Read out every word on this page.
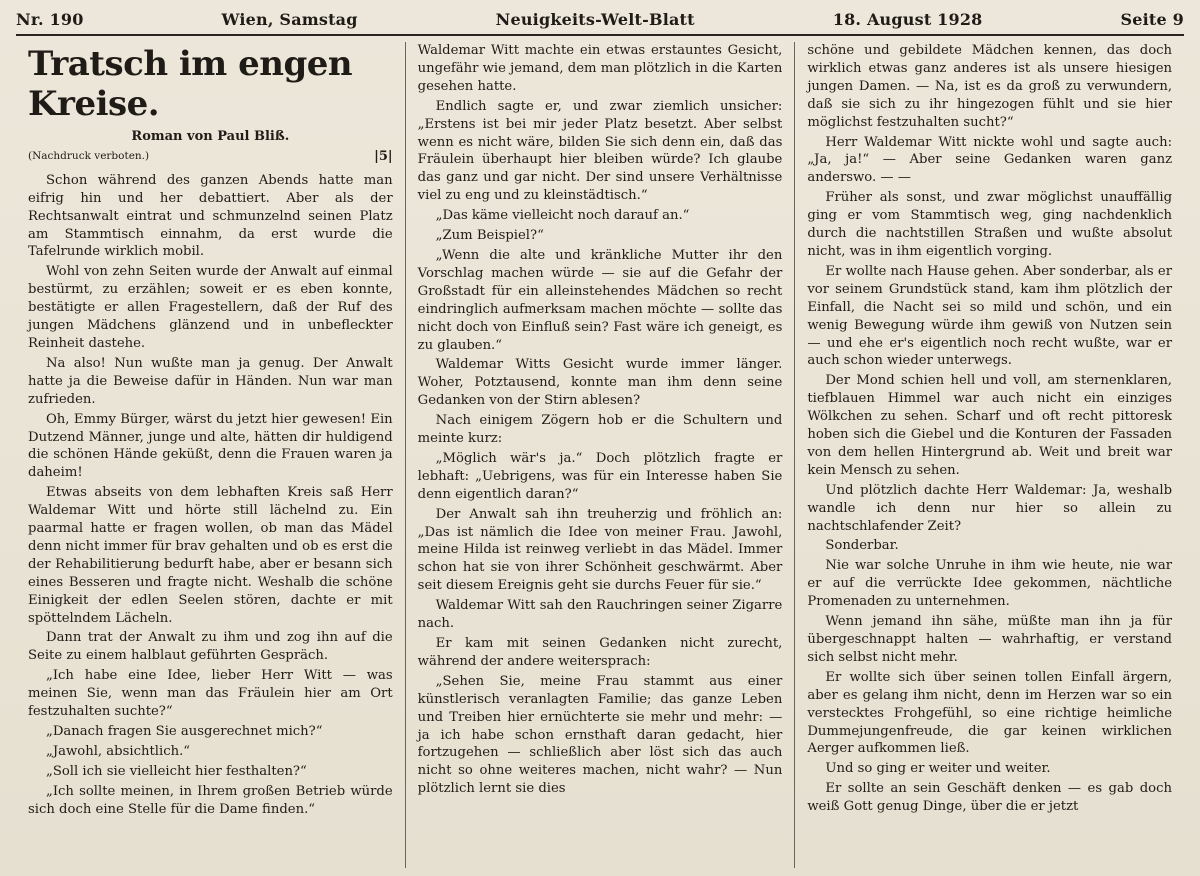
Nr. 190	Wien, Samstag	Neuigkeits-Welt-Blatt	18. August 1928	Seite 9
Tratsch im engen Kreise.
Roman von Paul Bliß.
(Nachdruck verboten.)	|5|

Schon während des ganzen Abends hatte man eifrig hin und her debattiert. Aber als der Rechtsanwalt eintrat und schmunzelnd seinen Platz am Stammtisch einnahm, da erst wurde die Tafelrunde wirklich mobil.

Wohl von zehn Seiten wurde der Anwalt auf einmal bestürmt, zu erzählen; soweit er es eben konnte, bestätigte er allen Fragestellern, daß der Ruf des jungen Mädchens glänzend und in unbefleckter Reinheit dastehe.

Na also! Nun wußte man ja genug. Der Anwalt hatte ja die Beweise dafür in Händen. Nun war man zufrieden.

Oh, Emmy Bürger, wärst du jetzt hier gewesen! Ein Dutzend Männer, junge und alte, hätten dir huldigend die schönen Hände geküßt, denn die Frauen waren ja daheim!

Etwas abseits von dem lebhaften Kreis saß Herr Waldemar Witt und hörte still lächelnd zu. Ein paarmal hatte er fragen wollen, ob man das Mädel denn nicht immer für brav gehalten und ob es erst die der Rehabilitierung bedurft habe, aber er besann sich eines Besseren und fragte nicht. Weshalb die schöne Einigkeit der edlen Seelen stören, dachte er mit spöttelndem Lächeln.

Dann trat der Anwalt zu ihm und zog ihn auf die Seite zu einem halblaut geführten Gespräch.

„Ich habe eine Idee, lieber Herr Witt — was meinen Sie, wenn man das Fräulein hier am Ort festzuhalten suchte?“

„Danach fragen Sie ausgerechnet mich?“

„Jawohl, absichtlich.“

„Soll ich sie vielleicht hier festhalten?“

„Ich sollte meinen, in Ihrem großen Betrieb würde sich doch eine Stelle für die Dame finden.“

Waldemar Witt machte ein etwas erstauntes Gesicht, ungefähr wie jemand, dem man plötzlich in die Karten gesehen hatte.

Endlich sagte er, und zwar ziemlich unsicher: „Erstens ist bei mir jeder Platz besetzt. Aber selbst wenn es nicht wäre, bilden Sie sich denn ein, daß das Fräulein überhaupt hier bleiben würde? Ich glaube das ganz und gar nicht. Der sind unsere Verhältnisse viel zu eng und zu kleinstädtisch.“

„Das käme vielleicht noch darauf an.“

„Zum Beispiel?“

„Wenn die alte und kränkliche Mutter ihr den Vorschlag machen würde — sie auf die Gefahr der Großstadt für ein alleinstehendes Mädchen so recht eindringlich aufmerksam machen möchte — sollte das nicht doch von Einfluß sein? Fast wäre ich geneigt, es zu glauben.“

Waldemar Witts Gesicht wurde immer länger. Woher, Potztausend, konnte man ihm denn seine Gedanken von der Stirn ablesen?

Nach einigem Zögern hob er die Schultern und meinte kurz:

„Möglich wär's ja.“ Doch plötzlich fragte er lebhaft: „Uebrigens, was für ein Interesse haben Sie denn eigentlich daran?“

Der Anwalt sah ihn treuherzig und fröhlich an: „Das ist nämlich die Idee von meiner Frau. Jawohl, meine Hilda ist reinweg verliebt in das Mädel. Immer schon hat sie von ihrer Schönheit geschwärmt. Aber seit diesem Ereignis geht sie durchs Feuer für sie.“

Waldemar Witt sah den Rauchringen seiner Zigarre nach.

Er kam mit seinen Gedanken nicht zurecht, während der andere weitersprach:

„Sehen Sie, meine Frau stammt aus einer künstlerisch veranlagten Familie; das ganze Leben und Treiben hier ernüchterte sie mehr und mehr: — ja ich habe schon ernsthaft daran gedacht, hier fortzugehen — schließlich aber löst sich das auch nicht so ohne weiteres machen, nicht wahr? — Nun plötzlich lernt sie dies

schöne und gebildete Mädchen kennen, das doch wirklich etwas ganz anderes ist als unsere hiesigen jungen Damen. — Na, ist es da groß zu verwundern, daß sie sich zu ihr hingezogen fühlt und sie hier möglichst festzuhalten sucht?“

Herr Waldemar Witt nickte wohl und sagte auch: „Ja, ja!“ — Aber seine Gedanken waren ganz anderswo. — —

Früher als sonst, und zwar möglichst unauffällig ging er vom Stammtisch weg, ging nachdenklich durch die nachtstillen Straßen und wußte absolut nicht, was in ihm eigentlich vorging.

Er wollte nach Hause gehen. Aber sonderbar, als er vor seinem Grundstück stand, kam ihm plötzlich der Einfall, die Nacht sei so mild und schön, und ein wenig Bewegung würde ihm gewiß von Nutzen sein — und ehe er's eigentlich noch recht wußte, war er auch schon wieder unterwegs.

Der Mond schien hell und voll, am sternenklaren, tiefblauen Himmel war auch nicht ein einziges Wölkchen zu sehen. Scharf und oft recht pittoresk hoben sich die Giebel und die Konturen der Fassaden von dem hellen Hintergrund ab. Weit und breit war kein Mensch zu sehen.

Und plötzlich dachte Herr Waldemar: Ja, weshalb wandle ich denn nur hier so allein zu nachtschlafender Zeit?

Sonderbar.

Nie war solche Unruhe in ihm wie heute, nie war er auf die verrückte Idee gekommen, nächtliche Promenaden zu unternehmen.

Wenn jemand ihn sähe, müßte man ihn ja für übergeschnappt halten — wahrhaftig, er verstand sich selbst nicht mehr.

Er wollte sich über seinen tollen Einfall ärgern, aber es gelang ihm nicht, denn im Herzen war so ein verstecktes Frohgefühl, so eine richtige heimliche Dummejungenfreude, die gar keinen wirklichen Aerger aufkommen ließ.

Und so ging er weiter und weiter.

Er sollte an sein Geschäft denken — es gab doch weiß Gott genug Dinge, über die er jetzt
